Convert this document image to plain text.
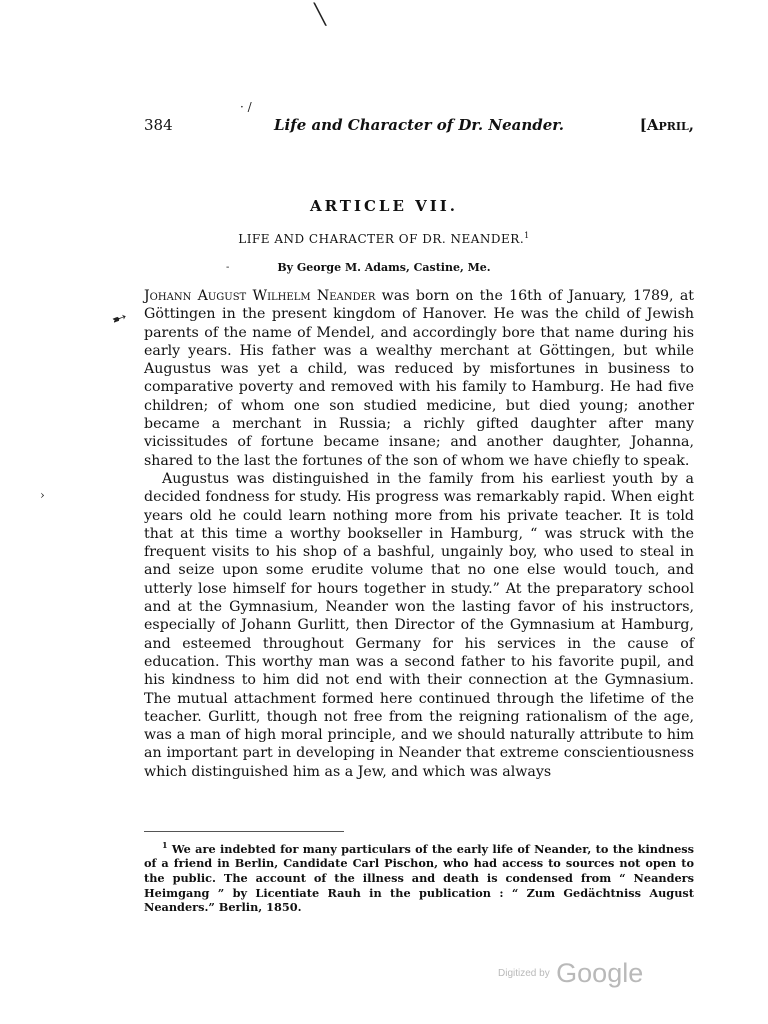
384	Life and Character of Dr. Neander.	[April,
╲
· /
›
-
➸
ARTICLE VII.
LIFE AND CHARACTER OF DR. NEANDER.$^1$
By George M. Adams, Castine, Me.

Johann August Wilhelm Neander was born on the 16th of January, 1789, at Göttingen in the present kingdom of Hanover. He was the child of Jewish parents of the name of Mendel, and accordingly bore that name during his early years. His father was a wealthy merchant at Göttingen, but while Augustus was yet a child, was reduced by misfortunes in business to comparative poverty and removed with his family to Hamburg. He had five children; of whom one son studied medicine, but died young; another became a merchant in Russia; a richly gifted daughter after many vicissitudes of fortune became insane; and another daughter, Johanna, shared to the last the fortunes of the son of whom we have chiefly to speak.

Augustus was distinguished in the family from his earliest youth by a decided fondness for study. His progress was remarkably rapid. When eight years old he could learn nothing more from his private teacher. It is told that at this time a worthy bookseller in Hamburg, “ was struck with the frequent visits to his shop of a bashful, ungainly boy, who used to steal in and seize upon some erudite volume that no one else would touch, and utterly lose himself for hours together in study.” At the preparatory school and at the Gymnasium, Neander won the lasting favor of his instructors, especially of Johann Gurlitt, then Director of the Gymnasium at Hamburg, and esteemed throughout Germany for his services in the cause of education. This worthy man was a second father to his favorite pupil, and his kindness to him did not end with their connection at the Gymnasium. The mutual attachment formed here continued through the lifetime of the teacher. Gurlitt, though not free from the reigning rationalism of the age, was a man of high moral principle, and we should naturally attribute to him an important part in developing in Neander that extreme conscientiousness which distinguished him as a Jew, and which was always

$^1$ We are indebted for many particulars of the early life of Neander, to the kindness of a friend in Berlin, Candidate Carl Pischon, who had access to sources not open to the public. The account of the illness and death is condensed from “ Neanders Heimgang ” by Licentiate Rauh in the publication : “ Zum Gedächtniss August Neanders.” Berlin, 1850.

$^{Digitized by}$ Google
